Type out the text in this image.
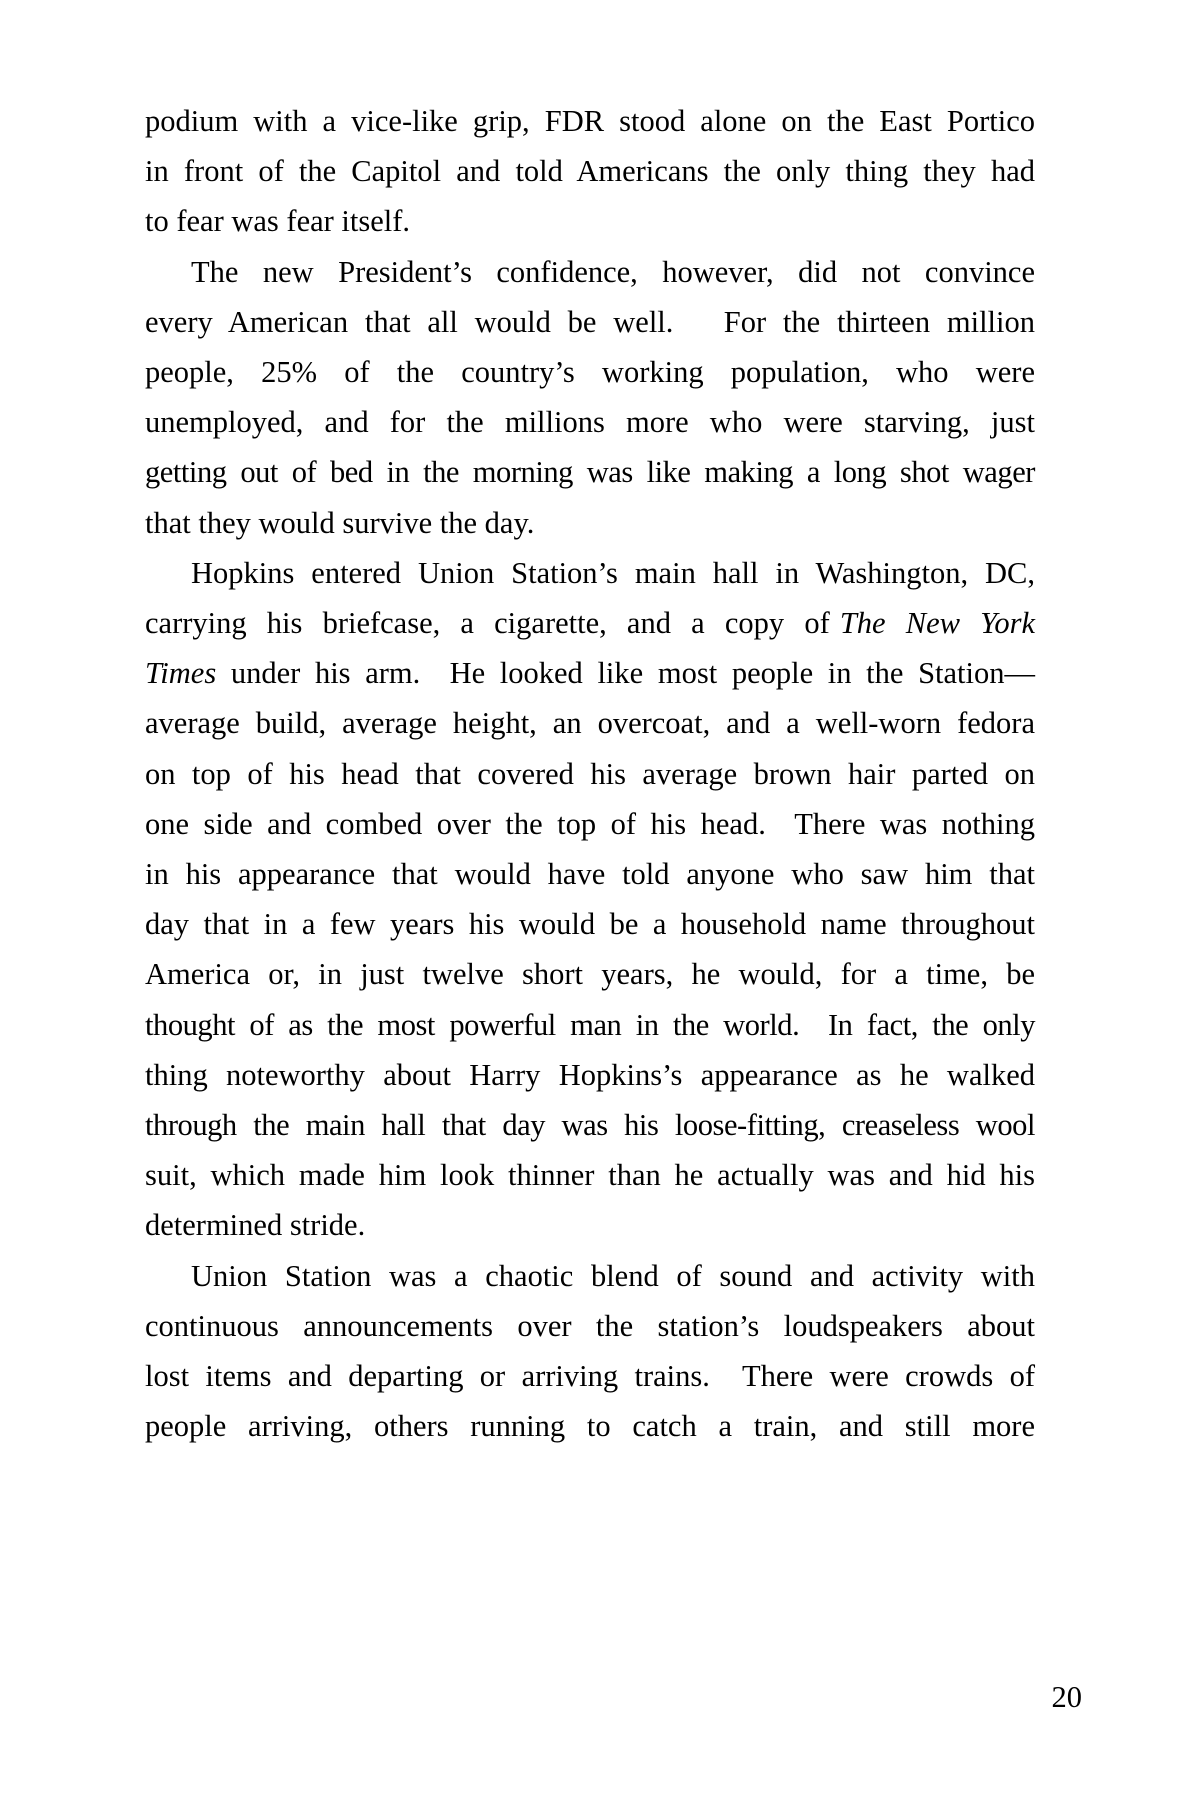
podium with a vice-like grip, FDR stood alone on the East Portico
in front of the Capitol and told Americans the only thing they had
to fear was fear itself.
The  new  President’s  confidence,  however,  did  not  convince
every American that all would be well.   For the thirteen million
people, 25% of the country’s working population, who were
unemployed, and for the millions more who were starving, just
getting out of bed in the morning was like making a long shot wager
that they would survive the day.
Hopkins entered Union Station’s main hall in Washington, DC,
carrying  his  briefcase,  a  cigarette,  and  a  copy  of The  New  York
Times under his arm.  He looked like most people in the Station—
average build, average height, an overcoat, and a well-worn fedora
on top of his head that covered his average brown hair parted on
one side and combed over the top of his head.  There was nothing
in his appearance that would have told anyone who saw him that
day that in a few years his would be a household name throughout
America or, in just twelve short years, he would, for a time, be
thought of as the most powerful man in the world.  In fact, the only
thing noteworthy about Harry Hopkins’s appearance as he walked
through the main hall that day was his loose-fitting, creaseless wool
suit, which made him look thinner than he actually was and hid his
determined stride.
Union Station was a chaotic blend of sound and activity with
continuous  announcements  over  the  station’s  loudspeakers  about
lost items and departing or arriving trains.  There were crowds of
people  arriving,  others  running  to  catch  a  train,  and  still  more
20
